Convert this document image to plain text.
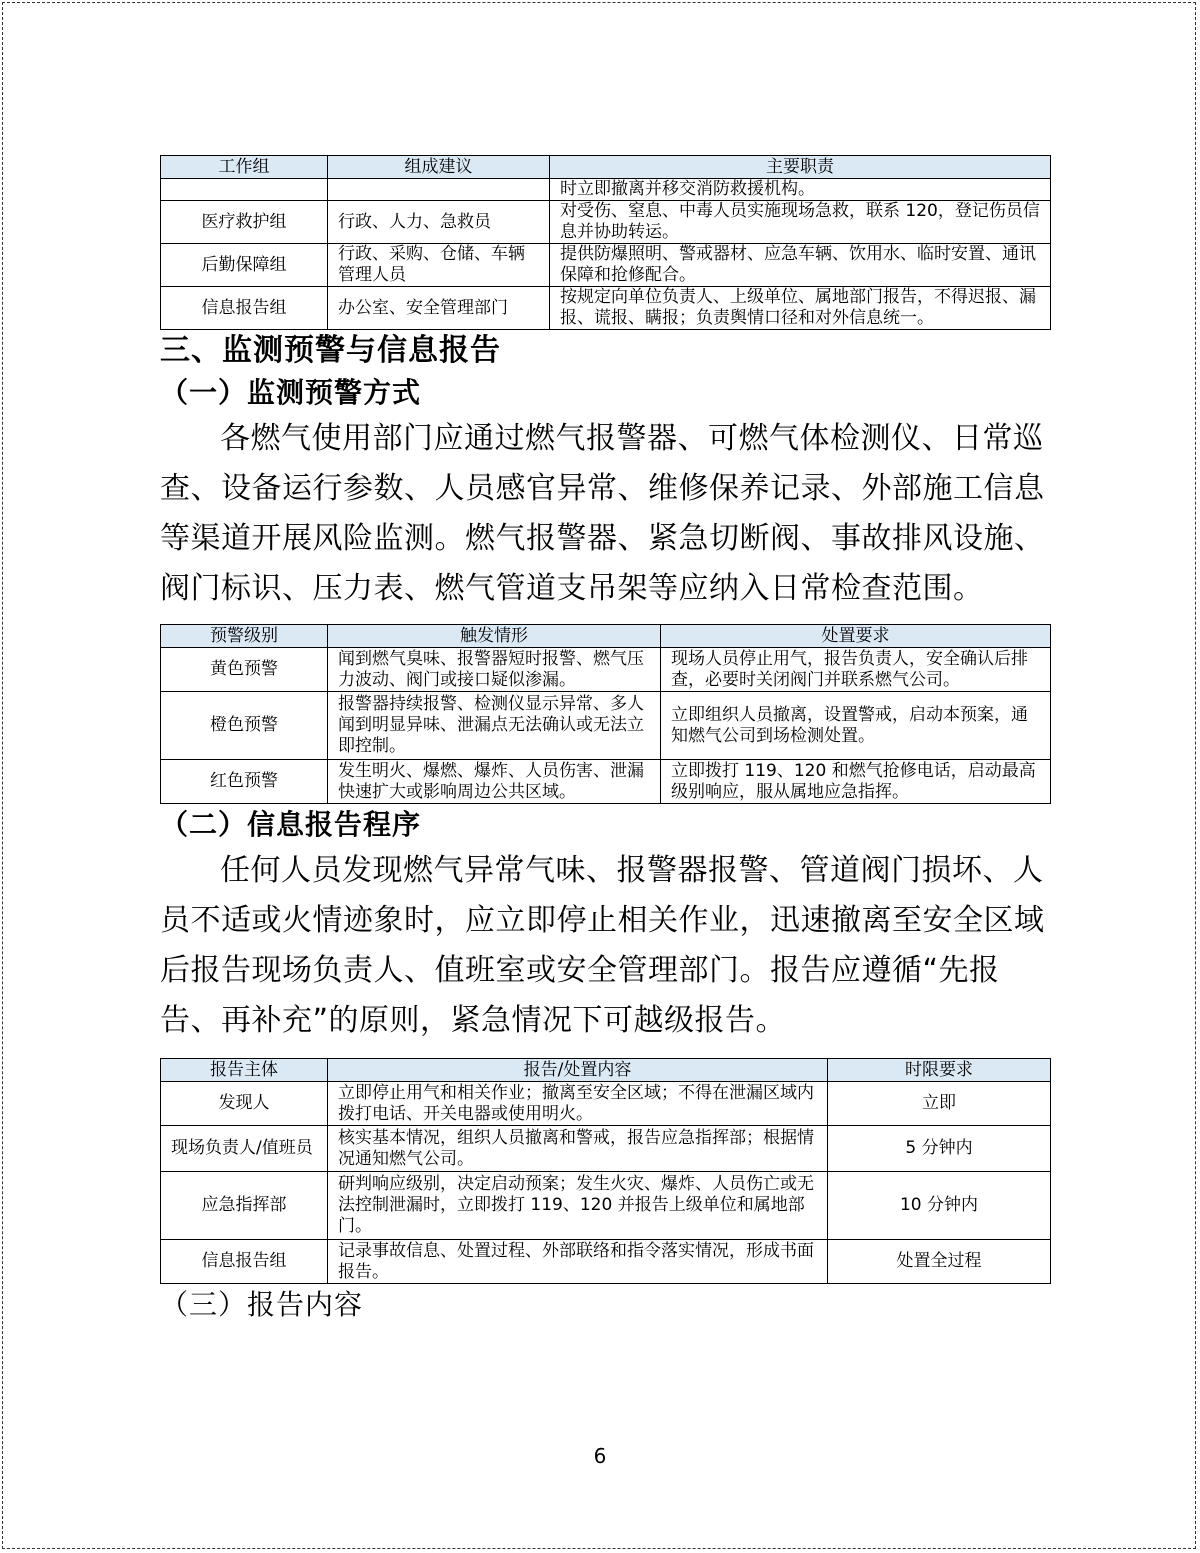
工作组	组成建议	主要职责
		时立即撤离并移交消防救援机构。
医疗救护组	行政、人力、急救员	对受伤、窒息、中毒人员实施现场急救，联系 120，登记伤员信息并协助转运。
后勤保障组	行政、采购、仓储、车辆管理人员	提供防爆照明、警戒器材、应急车辆、饮用水、临时安置、通讯保障和抢修配合。
信息报告组	办公室、安全管理部门	按规定向单位负责人、上级单位、属地部门报告，不得迟报、漏报、谎报、瞒报；负责舆情口径和对外信息统一。
三、监测预警与信息报告
（一）监测预警方式

各燃气使用部门应通过燃气报警器、可燃气体检测仪、日常巡查、设备运行参数、人员感官异常、维修保养记录、外部施工信息等渠道开展风险监测。燃气报警器、紧急切断阀、事故排风设施、阀门标识、压力表、燃气管道支吊架等应纳入日常检查范围。

预警级别	触发情形	处置要求
黄色预警	闻到燃气臭味、报警器短时报警、燃气压力波动、阀门或接口疑似渗漏。	现场人员停止用气，报告负责人，安全确认后排查，必要时关闭阀门并联系燃气公司。
橙色预警	报警器持续报警、检测仪显示异常、多人闻到明显异味、泄漏点无法确认或无法立即控制。	立即组织人员撤离，设置警戒，启动本预案，通知燃气公司到场检测处置。
红色预警	发生明火、爆燃、爆炸、人员伤害、泄漏快速扩大或影响周边公共区域。	立即拨打 119、120 和燃气抢修电话，启动最高级别响应，服从属地应急指挥。
（二）信息报告程序

任何人员发现燃气异常气味、报警器报警、管道阀门损坏、人员不适或火情迹象时，应立即停止相关作业，迅速撤离至安全区域后报告现场负责人、值班室或安全管理部门。报告应遵循“先报告、再补充”的原则，紧急情况下可越级报告。

报告主体	报告/处置内容	时限要求
发现人	立即停止用气和相关作业；撤离至安全区域；不得在泄漏区域内拨打电话、开关电器或使用明火。	立即
现场负责人/值班员	核实基本情况，组织人员撤离和警戒，报告应急指挥部；根据情况通知燃气公司。	5 分钟内
应急指挥部	研判响应级别，决定启动预案；发生火灾、爆炸、人员伤亡或无法控制泄漏时，立即拨打 119、120 并报告上级单位和属地部门。	10 分钟内
信息报告组	记录事故信息、处置过程、外部联络和指令落实情况，形成书面报告。	处置全过程
（三）报告内容
6
